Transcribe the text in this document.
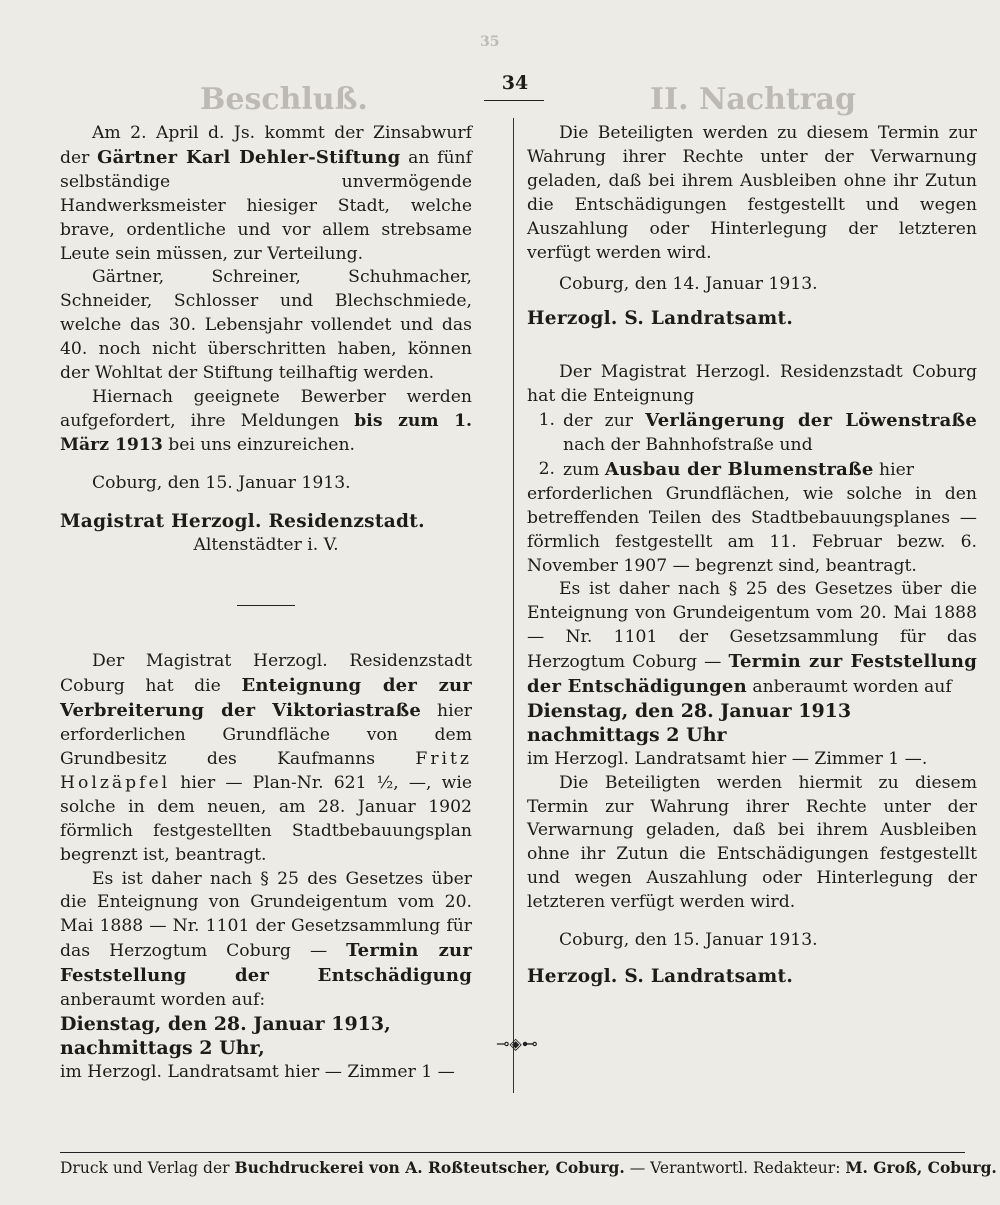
Beschluß.	II. Nachtrag
35
34

Am 2. April d. Js. kommt der Zinsabwurf der Gärtner Karl Dehler-Stiftung an fünf selbständige unvermögende Handwerksmeister hiesiger Stadt, welche brave, ordentliche und vor allem strebsame Leute sein müssen, zur Verteilung.

Gärtner, Schreiner, Schuhmacher, Schneider, Schlosser und Blechschmiede, welche das 30. Lebensjahr vollendet und das 40. noch nicht überschritten haben, können der Wohltat der Stiftung teilhaftig werden.

Hiernach geeignete Bewerber werden aufgefordert, ihre Meldungen bis zum 1. März 1913 bei uns einzureichen.

Coburg, den 15. Januar 1913.

Magistrat Herzogl. Residenzstadt.

Altenstädter i. V.

Der Magistrat Herzogl. Residenzstadt Coburg hat die Enteignung der zur Verbreiterung der Viktoriastraße hier erforderlichen Grundfläche von dem Grundbesitz des Kaufmanns Fritz Holzäpfel hier — Plan-Nr. 621 ½, —, wie solche in dem neuen, am 28. Januar 1902 förmlich festgestellten Stadtbebauungsplan begrenzt ist, beantragt.

Es ist daher nach § 25 des Gesetzes über die Enteignung von Grundeigentum vom 20. Mai 1888 — Nr. 1101 der Gesetzsammlung für das Herzogtum Coburg — Termin zur Feststellung der Entschädigung anberaumt worden auf:

Dienstag, den 28. Januar 1913,

nachmittags 2 Uhr,

im Herzogl. Landratsamt hier — Zimmer 1 —

Die Beteiligten werden zu diesem Termin zur Wahrung ihrer Rechte unter der Verwarnung geladen, daß bei ihrem Ausbleiben ohne ihr Zutun die Entschädigungen festgestellt und wegen Auszahlung oder Hinterlegung der letzteren verfügt werden wird.

Coburg, den 14. Januar 1913.

Herzogl. S. Landratsamt.

Der Magistrat Herzogl. Residenzstadt Coburg hat die Enteignung

1. der zur Verlängerung der Löwenstraße nach der Bahnhofstraße und
2. zum Ausbau der Blumenstraße hier

erforderlichen Grundflächen, wie solche in den betreffenden Teilen des Stadtbebauungsplanes — förmlich festgestellt am 11. Februar bezw. 6. November 1907 — begrenzt sind, beantragt.

Es ist daher nach § 25 des Gesetzes über die Enteignung von Grundeigentum vom 20. Mai 1888 — Nr. 1101 der Gesetzsammlung für das Herzogtum Coburg — Termin zur Feststellung der Entschädigungen anberaumt worden auf

Dienstag, den 28. Januar 1913

nachmittags 2 Uhr

im Herzogl. Landratsamt hier — Zimmer 1 —.

Die Beteiligten werden hiermit zu diesem Termin zur Wahrung ihrer Rechte unter der Verwarnung geladen, daß bei ihrem Ausbleiben ohne ihr Zutun die Entschädigungen festgestellt und wegen Auszahlung oder Hinterlegung der letzteren verfügt werden wird.

Coburg, den 15. Januar 1913.

Herzogl. S. Landratsamt.

⊸◈⊷
Druck und Verlag der Buchdruckerei von A. Roßteutscher, Coburg. — Verantwortl. Redakteur: M. Groß, Coburg.
